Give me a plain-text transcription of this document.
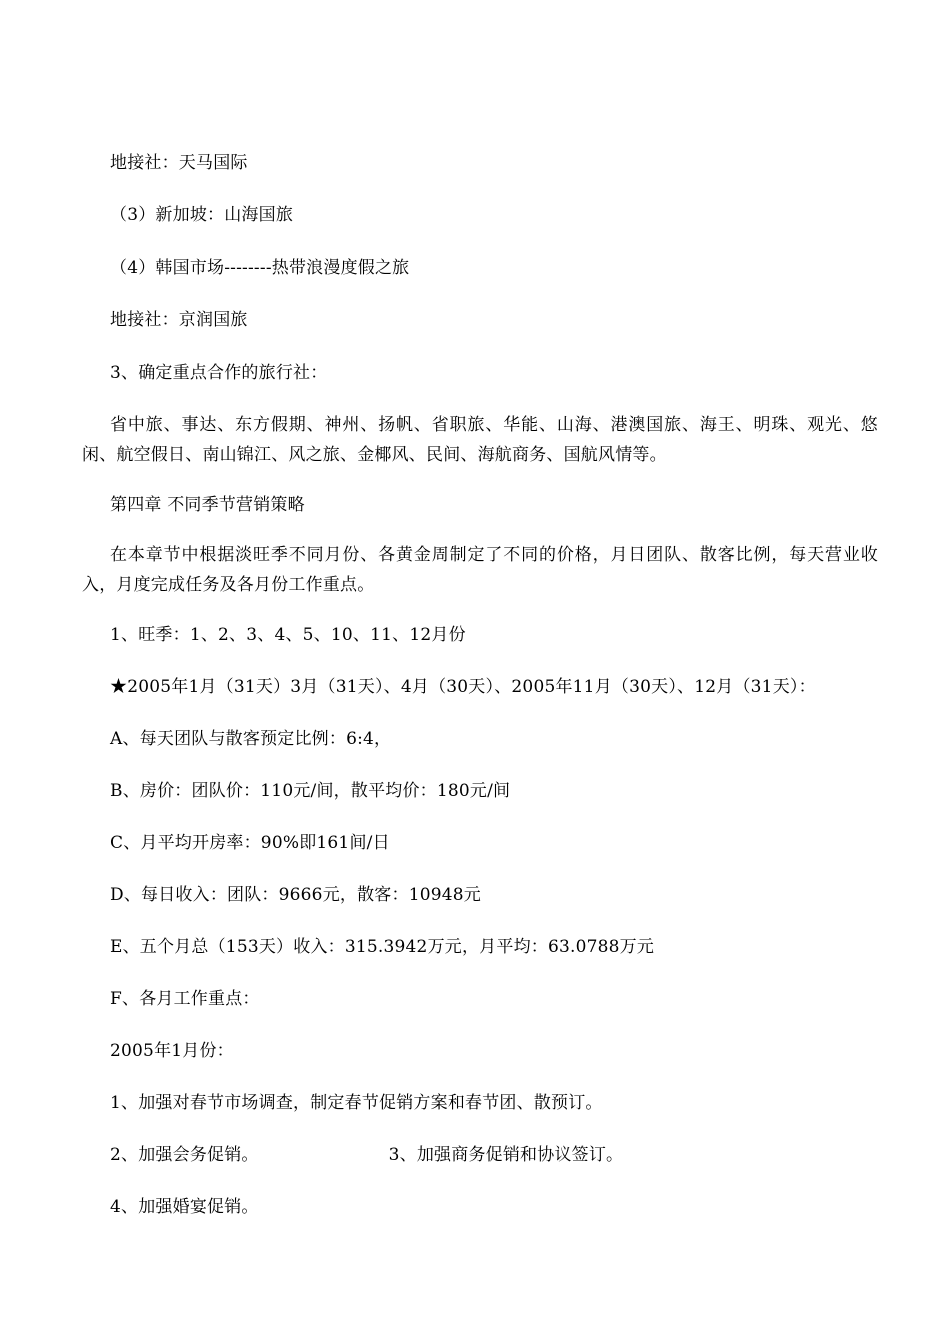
地接社：天马国际
（3）新加坡：山海国旅
（4）韩国市场--------热带浪漫度假之旅
地接社：京润国旅
3、确定重点合作的旅行社：
省中旅、事达、东方假期、神州、扬帆、省职旅、华能、山海、港澳国旅、海王、明珠、观光、悠闲、航空假日、南山锦江、风之旅、金椰风、民间、海航商务、国航风情等。
第四章 不同季节营销策略
在本章节中根据淡旺季不同月份、各黄金周制定了不同的价格，月日团队、散客比例，每天营业收入，月度完成任务及各月份工作重点。
1、旺季：1、2、3、4、5、10、11、12月份
★2005年1月（31天）3月（31天）、4月（30天）、2005年11月（30天）、12月（31天）：
A、每天团队与散客预定比例：6:4，
B、房价：团队价：110元/间，散平均价：180元/间
C、月平均开房率：90%即161间/日
D、每日收入：团队：9666元，散客：10948元
E、五个月总（153天）收入：315.3942万元，月平均：63.0788万元
F、各月工作重点：
2005年1月份：
1、加强对春节市场调查，制定春节促销方案和春节团、散预订。
2、加强会务促销。	3、加强商务促销和协议签订。
4、加强婚宴促销。
